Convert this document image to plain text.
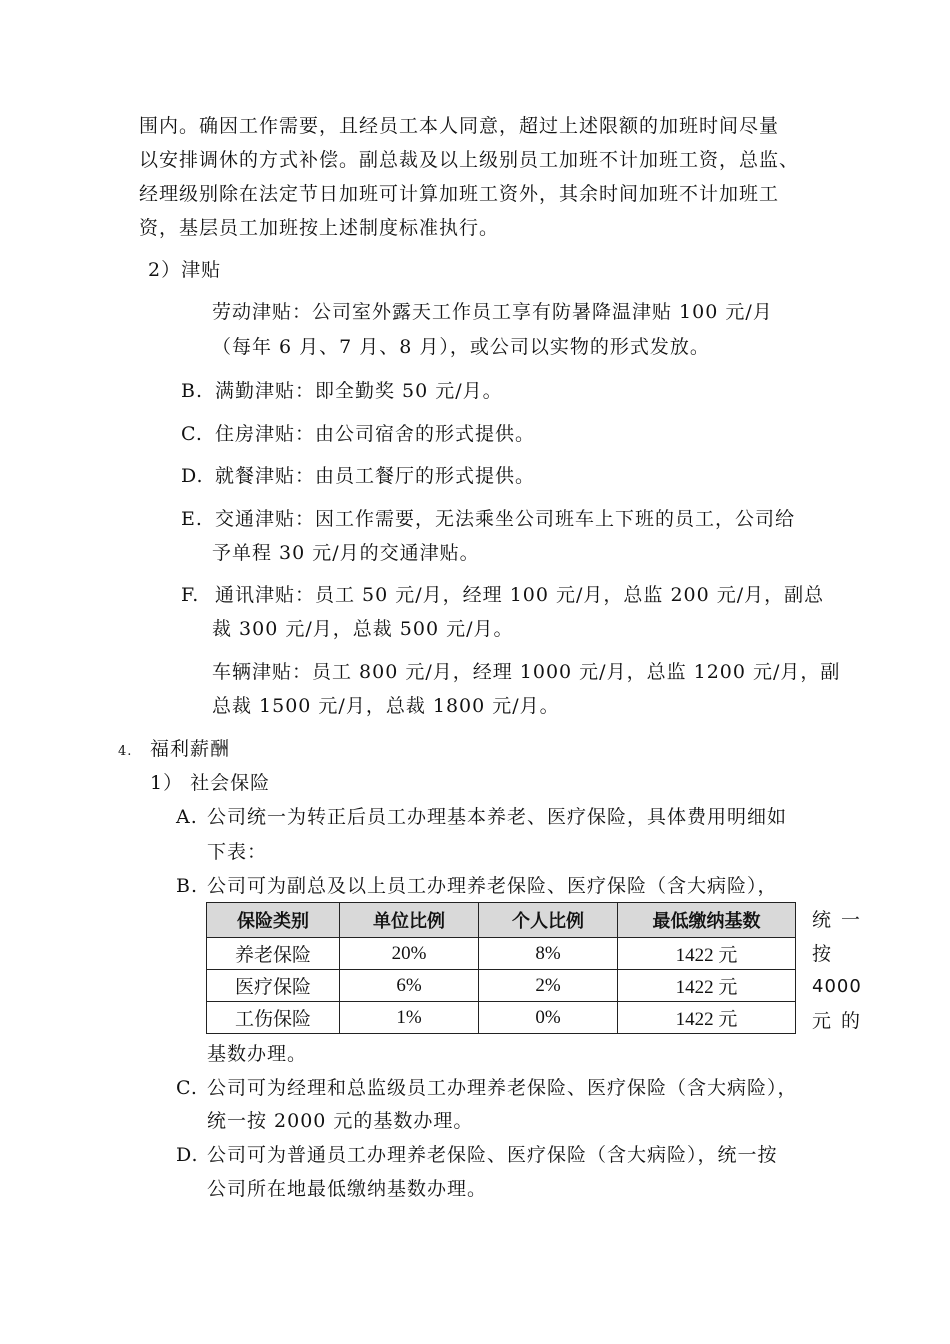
围内。确因工作需要，且经员工本人同意，超过上述限额的加班时间尽量
以安排调休的方式补偿。副总裁及以上级别员工加班不计加班工资，总监、
经理级别除在法定节日加班可计算加班工资外，其余时间加班不计加班工
资，基层员工加班按上述制度标准执行。
2）津贴
劳动津贴：公司室外露天工作员工享有防暑降温津贴 100 元/月
（每年 6 月、7 月、8 月），或公司以实物的形式发放。
B. 满勤津贴：即全勤奖 50 元/月。
C. 住房津贴：由公司宿舍的形式提供。
D. 就餐津贴：由员工餐厅的形式提供。
E. 交通津贴：因工作需要，无法乘坐公司班车上下班的员工，公司给
予单程 30 元/月的交通津贴。
F. 通讯津贴：员工 50 元/月，经理 100 元/月，总监 200 元/月，副总
裁 300 元/月，总裁 500 元/月。
车辆津贴：员工 800 元/月，经理 1000 元/月，总监 1200 元/月，副
总裁 1500 元/月，总裁 1800 元/月。
4. 福利薪酬
1） 社会保险
A. 公司统一为转正后员工办理基本养老、医疗保险，具体费用明细如
下表：
B. 公司可为副总及以上员工办理养老保险、医疗保险（含大病险），
保险类别	单位比例	个人比例	最低缴纳基数
养老保险	20%	8%	1422 元
医疗保险	6%	2%	1422 元
工伤保险	1%	0%	1422 元
统 一
按
4000
元 的
基数办理。
C. 公司可为经理和总监级员工办理养老保险、医疗保险（含大病险），
统一按 2000 元的基数办理。
D. 公司可为普通员工办理养老保险、医疗保险（含大病险），统一按
公司所在地最低缴纳基数办理。
